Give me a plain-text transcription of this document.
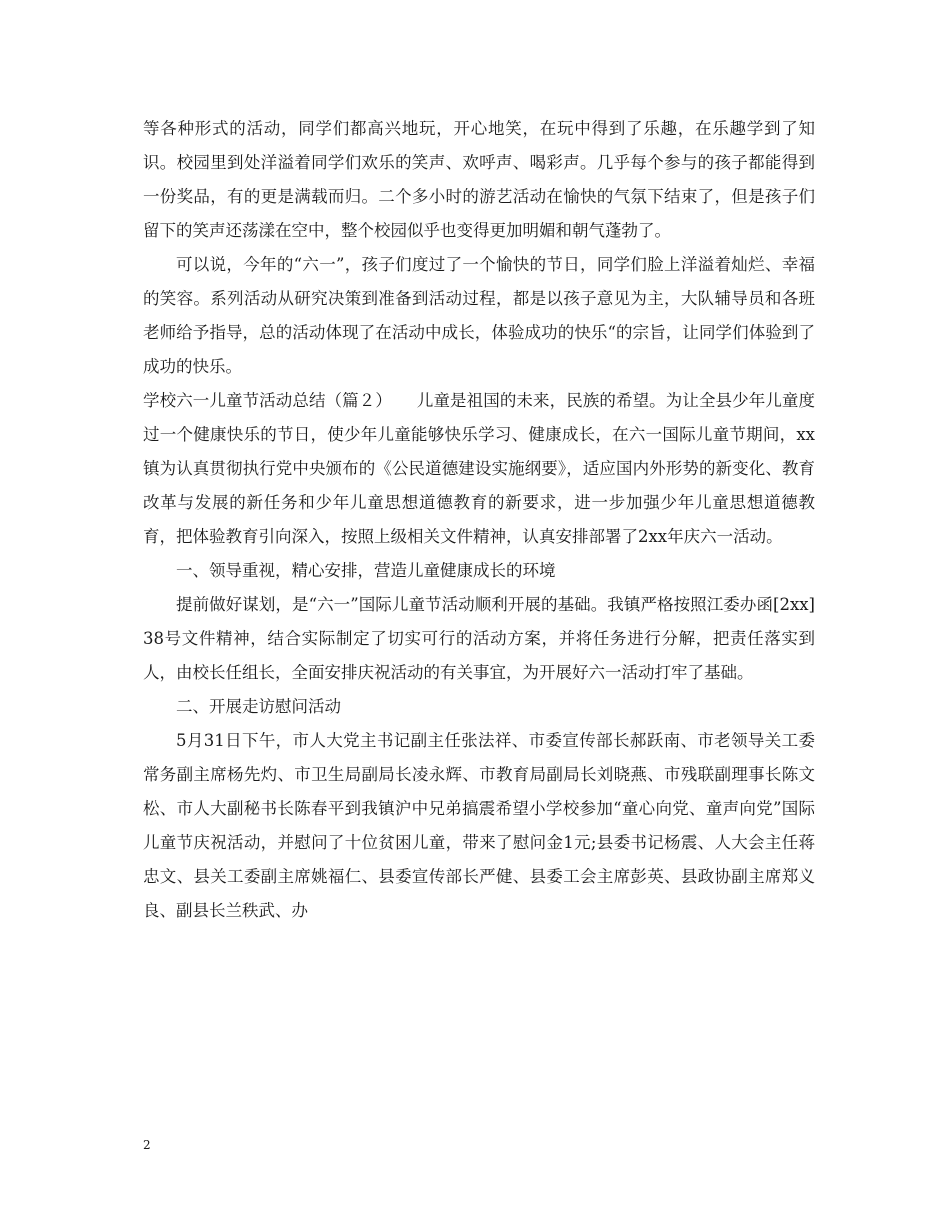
等各种形式的活动，同学们都高兴地玩，开心地笑，在玩中得到了乐趣，在乐趣学到了知识。校园里到处洋溢着同学们欢乐的笑声、欢呼声、喝彩声。几乎每个参与的孩子都能得到一份奖品，有的更是满载而归。二个多小时的游艺活动在愉快的气氛下结束了，但是孩子们留下的笑声还荡漾在空中，整个校园似乎也变得更加明媚和朝气蓬勃了。

可以说，今年的“六一”，孩子们度过了一个愉快的节日，同学们脸上洋溢着灿烂、幸福的笑容。系列活动从研究决策到准备到活动过程，都是以孩子意见为主，大队辅导员和各班老师给予指导，总的活动体现了在活动中成长，体验成功的快乐“的宗旨，让同学们体验到了成功的快乐。

学校六一儿童节活动总结（篇２）　　儿童是祖国的未来，民族的希望。为让全县少年儿童度过一个健康快乐的节日，使少年儿童能够快乐学习、健康成长，在六一国际儿童节期间，xx镇为认真贯彻执行党中央颁布的《公民道德建设实施纲要》，适应国内外形势的新变化、教育改革与发展的新任务和少年儿童思想道德教育的新要求，进一步加强少年儿童思想道德教育，把体验教育引向深入，按照上级相关文件精神，认真安排部署了2xx年庆六一活动。

一、领导重视，精心安排，营造儿童健康成长的环境

提前做好谋划，是“六一”国际儿童节活动顺利开展的基础。我镇严格按照江委办函[2xx]38号文件精神，结合实际制定了切实可行的活动方案，并将任务进行分解，把责任落实到人，由校长任组长，全面安排庆祝活动的有关事宜，为开展好六一活动打牢了基础。

二、开展走访慰问活动

5月31日下午，市人大党主书记副主任张法祥、市委宣传部长郝跃南、市老领导关工委常务副主席杨先灼、市卫生局副局长凌永辉、市教育局副局长刘晓燕、市残联副理事长陈文松、市人大副秘书长陈春平到我镇沪中兄弟搞震希望小学校参加“童心向党、童声向党”国际儿童节庆祝活动，并慰问了十位贫困儿童，带来了慰问金1元;县委书记杨震、人大会主任蒋忠文、县关工委副主席姚福仁、县委宣传部长严健、县委工会主席彭英、县政协副主席郑义良、副县长兰秩武、办

2
